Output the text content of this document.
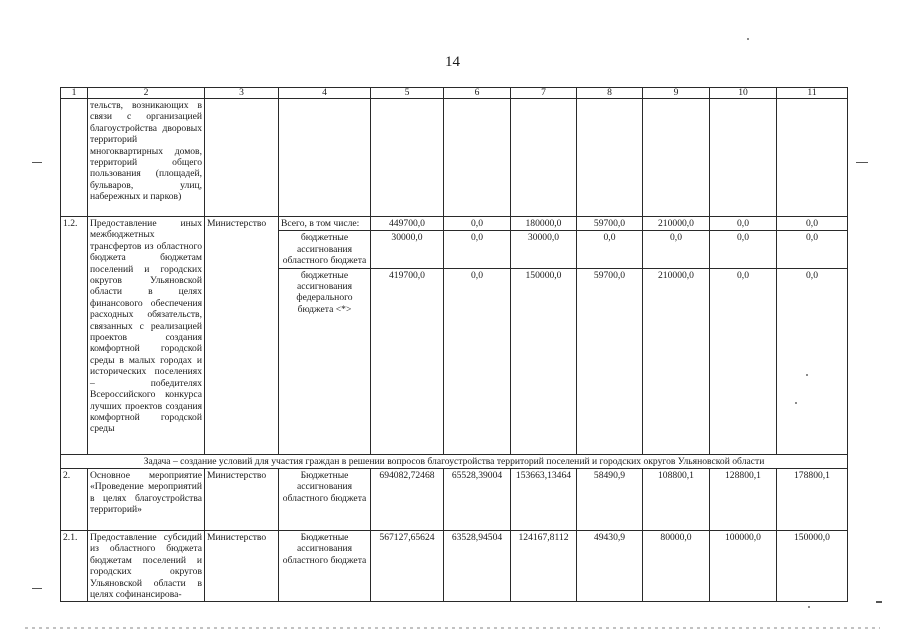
14
1	2	3	4	5	6	7	8	9	10	11
	тельств, возникающих в связи с организацией благоустройства дворовых территорий многоквартирных домов, территорий общего пользования (площадей, бульваров, улиц, набережных и парков)									
1.2.	Предоставление иных межбюджетных трансфертов из областного бюджета бюджетам поселений и городских округов Ульяновской области в целях финансового обеспечения расходных обязательств, связанных с реализацией проектов создания комфортной городской среды в малых городах и исторических поселениях – победителях Всероссийского конкурса лучших проектов создания комфортной городской среды	Министерство	Всего, в том числе:	449700,0	0,0	180000,0	59700,0	210000,0	0,0	0,0
			бюджетные ассигнования областного бюджета	30000,0	0,0	30000,0	0,0	0,0	0,0	0,0
			бюджетные ассигнования федерального бюджета <*>	419700,0	0,0	150000,0	59700,0	210000,0	0,0	0,0
Задача – создание условий для участия граждан в решении вопросов благоустройства территорий поселений и городских округов Ульяновской области										
2.	Основное мероприятие «Проведение мероприятий в целях благоустройства территорий»	Министерство	Бюджетные ассигнования областного бюджета	694082,72468	65528,39004	153663,13464	58490,9	108800,1	128800,1	178800,1
2.1.	Предоставление субсидий из областного бюджета бюджетам поселений и городских округов Ульяновской области в целях софинансирова-	Министерство	Бюджетные ассигнования областного бюджета	567127,65624	63528,94504	124167,8112	49430,9	80000,0	100000,0	150000,0
